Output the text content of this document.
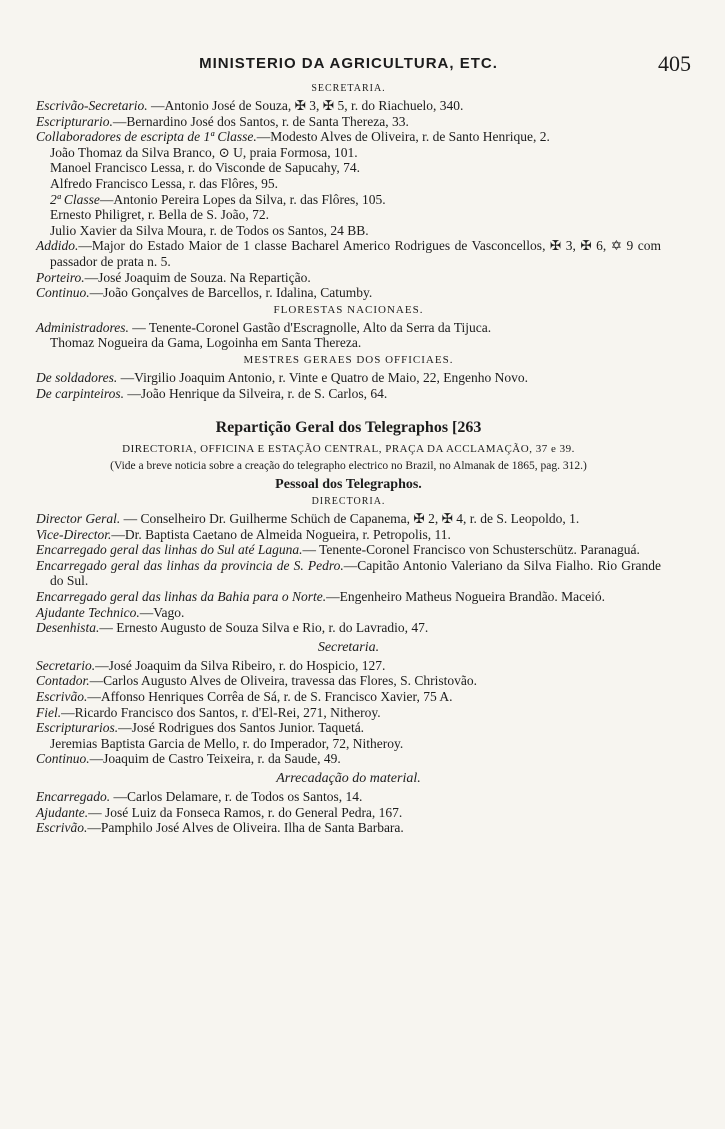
MINISTERIO DA AGRICULTURA, ETC.	405
SECRETARIA.
Escrivão-Secretario. —Antonio José de Souza, ✠ 3, ✠ 5, r. do Riachuelo, 340.
Escripturario.—Bernardino José dos Santos, r. de Santa Thereza, 33.
Collaboradores de escripta de 1ª Classe.—Modesto Alves de Oliveira, r. de Santo Henrique, 2.
João Thomaz da Silva Branco, ⊙ U, praia Formosa, 101.
Manoel Francisco Lessa, r. do Visconde de Sapucahy, 74.
Alfredo Francisco Lessa, r. das Flôres, 95.
2ª Classe—Antonio Pereira Lopes da Silva, r. das Flôres, 105.
Ernesto Philigret, r. Bella de S. João, 72.
Julio Xavier da Silva Moura, r. de Todos os Santos, 24 BB.
Addido.—Major do Estado Maior de 1 classe Bacharel Americo Rodrigues de Vasconcellos, ✠ 3, ✠ 6, ✡ 9 com passador de prata n. 5.
Porteiro.—José Joaquim de Souza. Na Repartição.
Continuo.—João Gonçalves de Barcellos, r. Idalina, Catumby.
FLORESTAS NACIONAES.
Administradores. — Tenente-Coronel Gastão d'Escragnolle, Alto da Serra da Tijuca.
Thomaz Nogueira da Gama, Logoinha em Santa Thereza.
MESTRES GERAES DOS OFFICIAES.
De soldadores. —Virgilio Joaquim Antonio, r. Vinte e Quatro de Maio, 22, Engenho Novo.
De carpinteiros. —João Henrique da Silveira, r. de S. Carlos, 64.
Repartição Geral dos Telegraphos [263
DIRECTORIA, OFFICINA E ESTAÇÃO CENTRAL, PRAÇA DA ACCLAMAÇÃO, 37 e 39.
(Vide a breve noticia sobre a creação do telegrapho electrico no Brazil, no Almanak de 1865, pag. 312.)
Pessoal dos Telegraphos.
DIRECTORIA.
Director Geral. — Conselheiro Dr. Guilherme Schüch de Capanema, ✠ 2, ✠ 4, r. de S. Leopoldo, 1.
Vice-Director.—Dr. Baptista Caetano de Almeida Nogueira, r. Petropolis, 11.
Encarregado geral das linhas do Sul até Laguna.— Tenente-Coronel Francisco von Schusterschütz. Paranaguá.
Encarregado geral das linhas da provincia de S. Pedro.—Capitão Antonio Valeriano da Silva Fialho. Rio Grande do Sul.
Encarregado geral das linhas da Bahia para o Norte.—Engenheiro Matheus Nogueira Brandão. Maceió.
Ajudante Technico.—Vago.
Desenhista.— Ernesto Augusto de Souza Silva e Rio, r. do Lavradio, 47.
Secretaria.
Secretario.—José Joaquim da Silva Ribeiro, r. do Hospicio, 127.
Contador.—Carlos Augusto Alves de Oliveira, travessa das Flores, S. Christovão.
Escrivão.—Affonso Henriques Corrêa de Sá, r. de S. Francisco Xavier, 75 A.
Fiel.—Ricardo Francisco dos Santos, r. d'El-Rei, 271, Nitheroy.
Escripturarios.—José Rodrigues dos Santos Junior. Taquetá.
Jeremias Baptista Garcia de Mello, r. do Imperador, 72, Nitheroy.
Continuo.—Joaquim de Castro Teixeira, r. da Saude, 49.
Arrecadação do material.
Encarregado. —Carlos Delamare, r. de Todos os Santos, 14.
Ajudante.— José Luiz da Fonseca Ramos, r. do General Pedra, 167.
Escrivão.—Pamphilo José Alves de Oliveira. Ilha de Santa Barbara.
